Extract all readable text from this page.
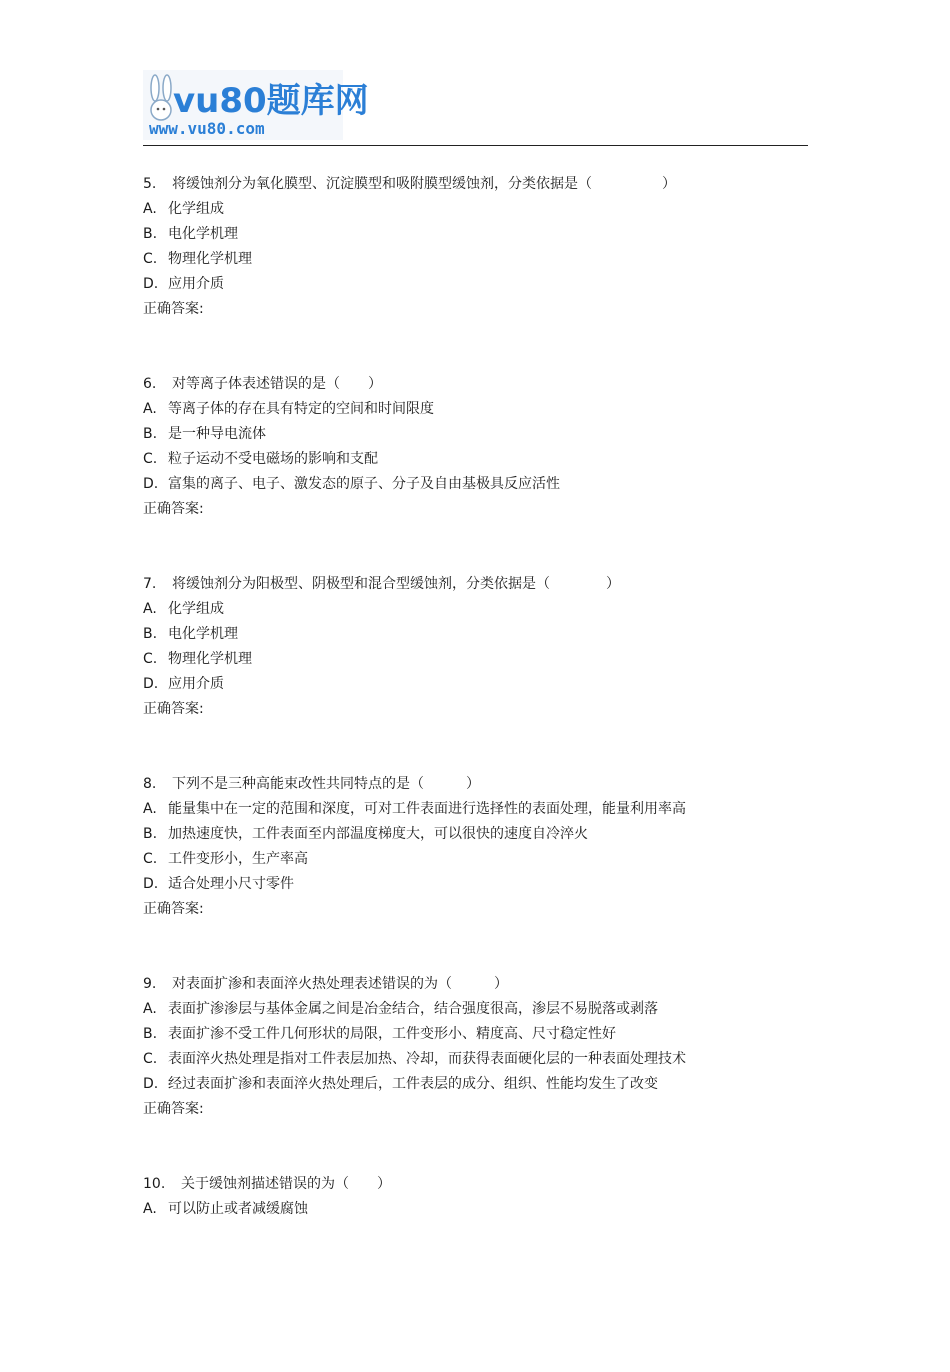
vu80题库网
www.vu80.com
5. 将缓蚀剂分为氧化膜型、沉淀膜型和吸附膜型缓蚀剂，分类依据是（　　　　　）
A. 化学组成
B. 电化学机理
C. 物理化学机理
D. 应用介质
正确答案:
6. 对等离子体表述错误的是（　　）
A. 等离子体的存在具有特定的空间和时间限度
B. 是一种导电流体
C. 粒子运动不受电磁场的影响和支配
D. 富集的离子、电子、激发态的原子、分子及自由基极具反应活性
正确答案:
7. 将缓蚀剂分为阳极型、阴极型和混合型缓蚀剂，分类依据是（　　　　）
A. 化学组成
B. 电化学机理
C. 物理化学机理
D. 应用介质
正确答案:
8. 下列不是三种高能束改性共同特点的是（　　　）
A. 能量集中在一定的范围和深度，可对工件表面进行选择性的表面处理，能量利用率高
B. 加热速度快，工件表面至内部温度梯度大，可以很快的速度自冷淬火
C. 工件变形小，生产率高
D. 适合处理小尺寸零件
正确答案:
9. 对表面扩渗和表面淬火热处理表述错误的为（　　　）
A. 表面扩渗渗层与基体金属之间是冶金结合，结合强度很高，渗层不易脱落或剥落
B. 表面扩渗不受工件几何形状的局限，工件变形小、精度高、尺寸稳定性好
C. 表面淬火热处理是指对工件表层加热、冷却，而获得表面硬化层的一种表面处理技术
D. 经过表面扩渗和表面淬火热处理后，工件表层的成分、组织、性能均发生了改变
正确答案:
10. 关于缓蚀剂描述错误的为（　　）
A. 可以防止或者减缓腐蚀
